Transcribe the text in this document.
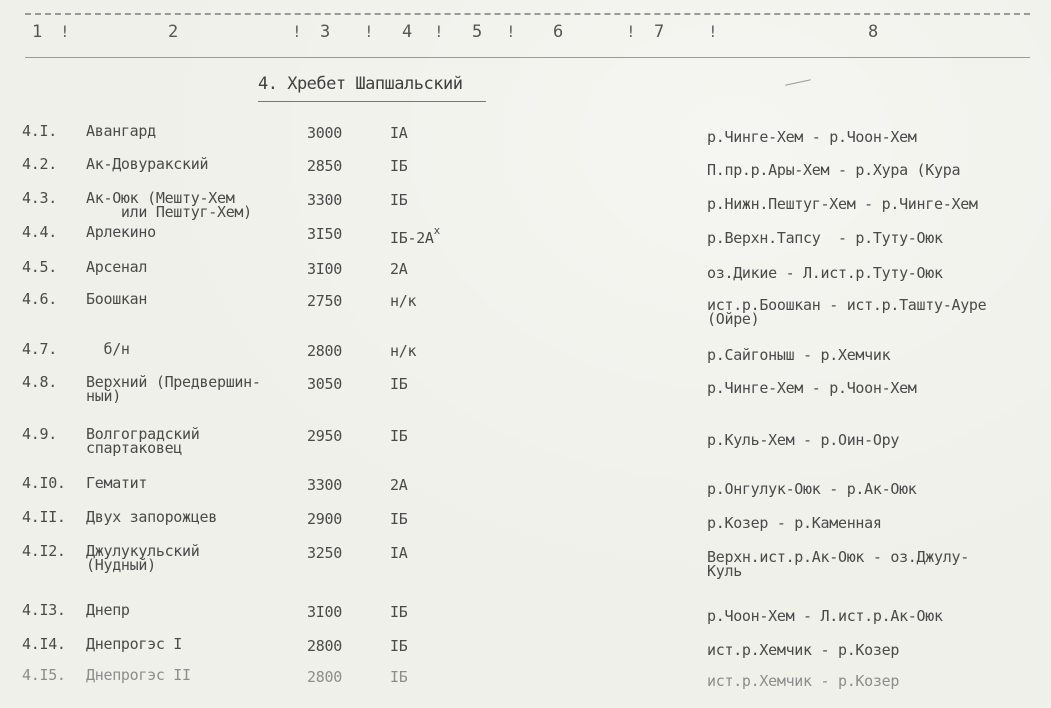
1 !	2	! 3 ! 4 ! 5 ! 6	! 7	!	8
4. Хребет Шапшальский
4.I. Авангард	3000	IA	р.Чинге-Хем - р.Чоон-Хем
4.2. Ак-Довуракский	2850	IБ	П.пр.р.Ары-Хем - р.Хура (Кура
4.3. Ак-Оюк (Мешту-Хем
или Пештуг-Хем)
3300	IБ	р.Нижн.Пештуг-Хем - р.Чинге-Хем
4.4. Арлекино	3I50	$IБ-2А^х$	р.Верхн.Тапсу  - р.Туту-Оюк
4.5. Арсенал	3I00	2А	оз.Дикие - Л.ист.р.Туту-Оюк
4.6. Боошкан	2750	н/к	ист.р.Боошкан - ист.р.Ташту-Ауре
(Ойре)
4.7. б/н	2800	н/к	р.Сайгоныш - р.Хемчик
4.8. Верхний (Предвершин-
ный)
3050	IБ	р.Чинге-Хем - р.Чоон-Хем
4.9. Волгоградский
спартаковец
2950	IБ	р.Куль-Хем - р.Оин-Ору
4.I0. Гематит	3300	2А	р.Онгулук-Оюк - р.Ак-Оюк
4.II. Двух запорожцев	2900	IБ	р.Козер - р.Каменная
4.I2. Джулукульский
(Нудный)
3250	IA	Верхн.ист.р.Ак-Оюк - оз.Джулу-
Куль
4.I3. Днепр	3I00	IБ	р.Чоон-Хем - Л.ист.р.Ак-Оюк
4.I4. Днепрогэс I	2800	IБ	ист.р.Хемчик - р.Козер
4.I5. Днепрогэс II	2800	IБ	ист.р.Хемчик - р.Козер
